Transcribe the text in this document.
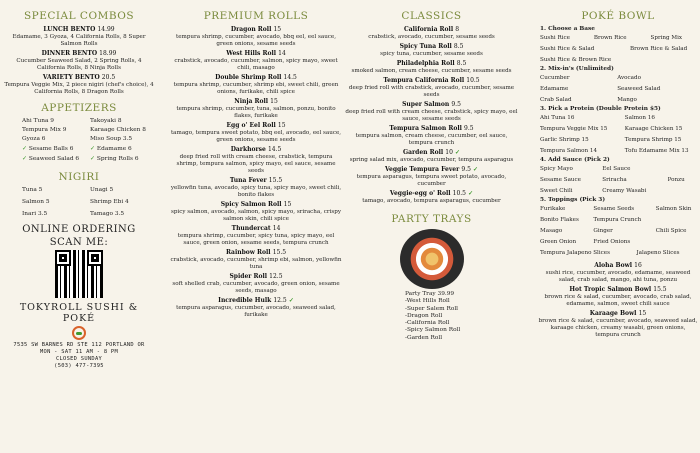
SPECIAL COMBOS
LUNCH BENTO 14.99
Edamame, 3 Gyoza, 4 California Rolls, 8 Super Salmon Rolls
DINNER BENTO 18.99
Cucumber Seaweed Salad, 2 Spring Rolls, 4 California Rolls, 8 Ninja Rolls
VARIETY BENTO 20.5
Tempura Veggie Mix, 2 piece nigiri (chef's choice), 4 California Rolls, 8 Dragon Rolls
APPETIZERS
Ahi Tuna 9	Takoyaki 8
Tempura Mix 9	Karaage Chicken 8
Gyoza 6	Miso Soup 3.5
✓ Sesame Balls 6	✓ Edamame 6
✓ Seaweed Salad 6	✓ Spring Rolls 6
NIGIRI
Tuna 5	Unagi 5
Salmon 5	Shrimp Ebi 4
Inari 3.5	Tamago 3.5
ONLINE ORDERING
SCAN ME:
TOKYROLL SUSHI & POKÉ
7535 SW BARNES RD STE 112 PORTLAND OR
MON - SAT 11 AM - 8 PM
CLOSED SUNDAY
(503) 477-7395
PREMIUM ROLLS
Dragon Roll 15
tempura shrimp, cucumber, avocado, bbq eel, eel sauce, green onions, sesame seeds
West Hills Roll 14
crabstick, avocado, cucumber, salmon, spicy mayo, sweet chili, masago
Double Shrimp Roll 14.5
tempura shrimp, cucumber, shrimp ebi, sweet chili, green onions, furikake, chili spice
Ninja Roll 15
tempura shrimp, cucumber, tuna, salmon, ponzu, bonito flakes, furikake
Egg o' Eel Roll 15
tamago, tempura sweet potato, bbq eel, avocado, eel sauce, green onions, sesame seeds
Darkhorse 14.5
deep fried roll with cream cheese, crabstick, tempura shrimp, tempura salmon, spicy mayo, eel sauce, sesame seeds
Tuna Fever 15.5
yellowfin tuna, avocado, spicy tuna, spicy mayo, sweet chili, bonito flakes
Spicy Salmon Roll 15
spicy salmon, avocado, salmon, spicy mayo, sriracha, crispy salmon skin, chili spice
Thundercat 14
tempura shrimp, cucumber, spicy tuna, spicy mayo, eel sauce, green onion, sesame seeds, tempura crunch
Rainbow Roll 15.5
crabstick, avocado, cucumber, shrimp ebi, salmon, yellowfin tuna
Spider Roll 12.5
soft shelled crab, cucumber, avocado, green onion, sesame seeds, masago
Incredible Hulk 12.5 ✓
tempura asparagus, cucumber, avocado, seaweed salad, furikake
CLASSICS
California Roll 8
crabstick, avocado, cucumber, sesame seeds
Spicy Tuna Roll 8.5
spicy tuna, cucumber, sesame seeds
Philadelphia Roll 8.5
smoked salmon, cream cheese, cucumber, sesame seeds
Tempura California Roll 10.5
deep fried roll with crabstick, avocado, cucumber, sesame seeds
Super Salmon 9.5
deep fried roll with cream cheese, crabstick, spicy mayo, eel sauce, sesame seeds
Tempura Salmon Roll 9.5
tempura salmon, cream cheese, cucumber, eel sauce, tempura crunch
Garden Roll 10 ✓
spring salad mix, avocado, cucumber, tempura asparagus
Veggie Tempura Fever 9.5 ✓
tempura asparagus, tempura sweet potato, avocado, cucumber
Veggie-egg o' Roll 10.5 ✓
tamago, avocado, tempura asparagus, cucumber
PARTY TRAYS
Party Tray 39.99
-West Hills Roll
-Super Salem Roll
-Dragon Roll
-California Roll
-Spicy Salmon Roll
-Garden Roll
POKÉ BOWL
1. Choose a Base
Sushi Rice	Brown Rice	Spring Mix
Sushi Rice & Salad	Brown Rice & Salad
Sushi Rice & Brown Rice
2. Mix-in's (Unlimited)
Cucumber	Avocado
Edamame	Seaweed Salad
Crab Salad	Mango
3. Pick a Protein (Double Protein $5)
Ahi Tuna 16	Salmon 16
Tempura Veggie Mix 15	Karaage Chicken 15
Garlic Shrimp 15	Tempura Shrimp 15
Tempura Salmon 14	Tofu Edamame Mix 13
4. Add Sauce (Pick 2)
Spicy Mayo	Eel Sauce
Sesame Sauce	Sriracha	Ponzu
Sweet Chili	Creamy Wasabi
5. Toppings (Pick 3)
Furikake	Sesame Seeds	Salmon Skin
Bonito Flakes	Tempura Crunch
Masago	Ginger	Chili Spice
Green Onion	Fried Onions
Tempura Jalapeno Slices	Jalapeno Slices
Aloha Bowl 16
sushi rice, cucumber, avocado, edamame, seaweed salad, crab salad, mango, ahi tuna, ponzu
Hot Tropic Salmon Bowl 15.5
brown rice & salad, cucumber, avocado, crab salad, edamame, salmon, sweet chili sauce
Karaage Bowl 15
brown rice & salad, cucumber, avocado, seaweed salad, karaage chicken, creamy wasabi, green onions, tempura crunch
